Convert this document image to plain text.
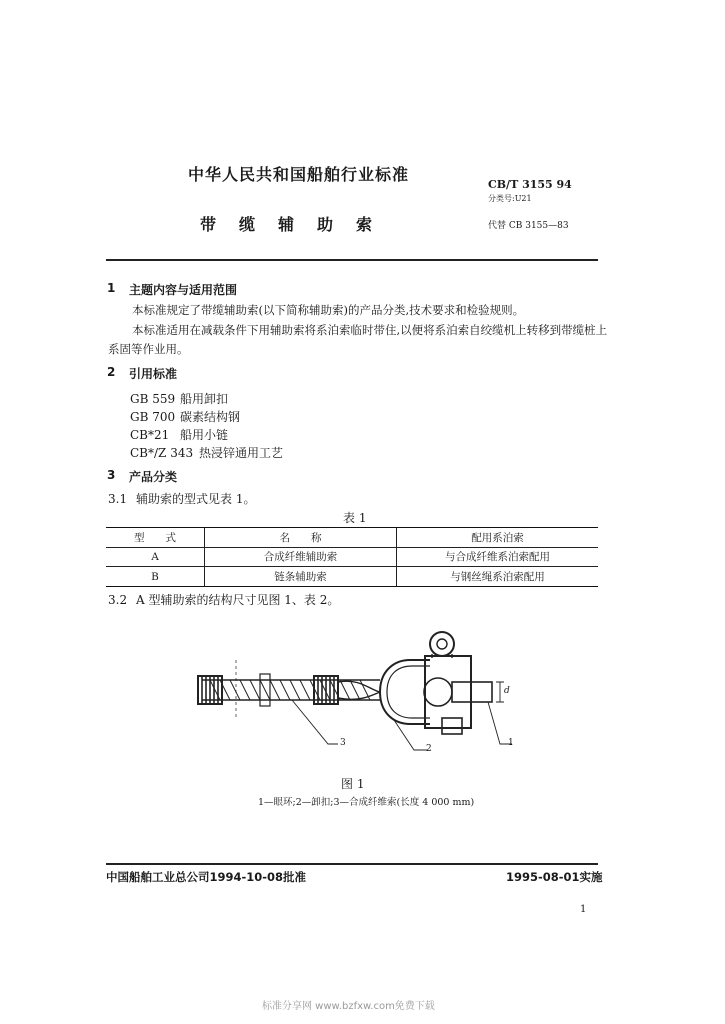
中华人民共和国船舶行业标准
CB/T 3155 94
分类号:U21
带缆辅助索	代替 CB 3155—83
1 主题内容与适用范围
本标准规定了带缆辅助索(以下简称辅助索)的产品分类,技术要求和检验规则。
本标准适用在减载条件下用辅助索将系泊索临时带住,以便将系泊索自绞缆机上转移到带缆桩上
系固等作业用。
2 引用标准
GB 559 船用卸扣
GB 700 碳素结构钢
CB*21 船用小链
CB*/Z 343 热浸锌通用工艺
3 产品分类
3.1 辅助索的型式见表 1。
表 1
型　　式	名　　称	配用系泊索
A	合成纤维辅助索	与合成纤维系泊索配用
B	链条辅助索	与钢丝绳系泊索配用
3.2 A 型辅助索的结构尺寸见图 1、表 2。
3
2
1
d
图 1
1—眼环;2—卸扣;3—合成纤维索(长度 4 000 mm)
中国船舶工业总公司1994-10-08批准	1995-08-01实施
1
标准分享网 www.bzfxw.com免费下载
